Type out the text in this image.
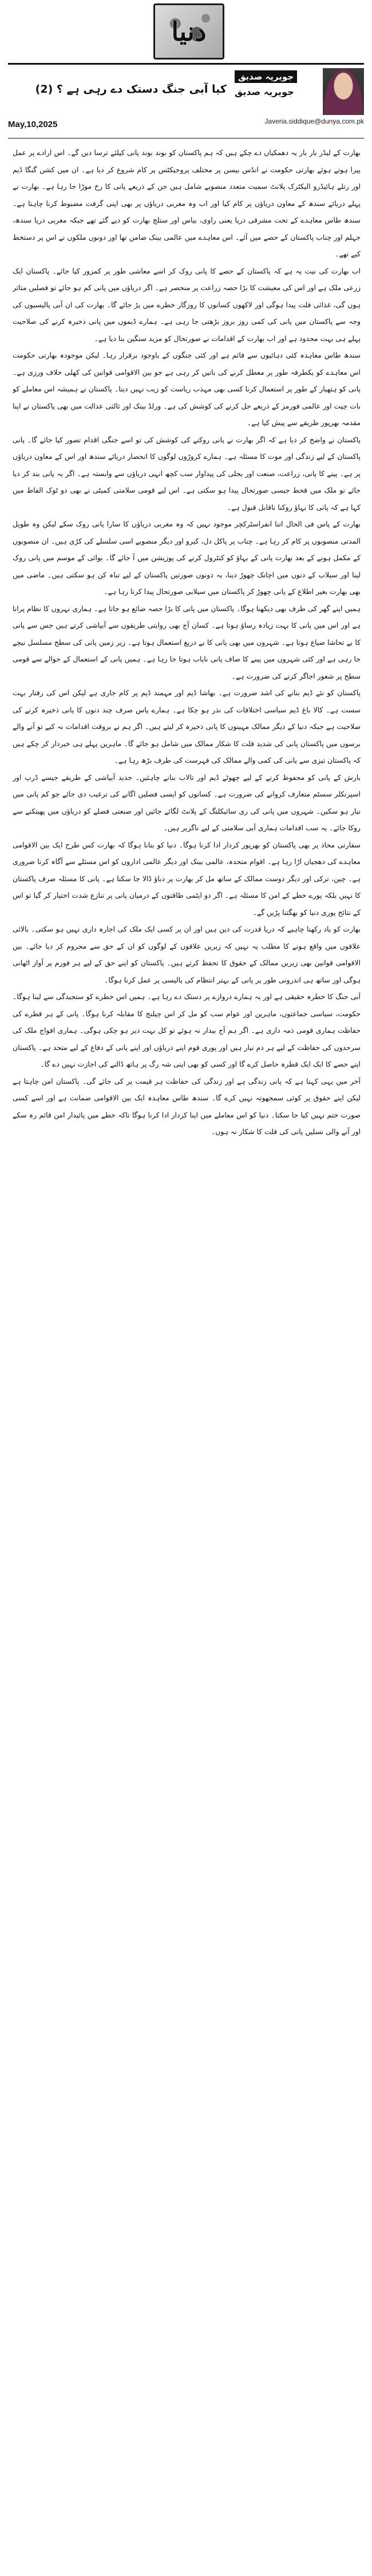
دنیا
جویریہ صدیق
جویریہ صدیق
Javeria.siddique@dunya.com.pk
کیا آبی جنگ دستک دے رہی ہے ؟ (2)
May,10,2025

بھارت کے لیڈر بار بار یہ دھمکیاں دے چکے ہیں کہ ہم پاکستان کو بوند بوند پانی کیلئے ترسا دیں گے۔ اس ارادے پر عمل پیرا ہوتے ہوئے بھارتی حکومت نے انڈس بیسن پر مختلف پروجیکٹس پر کام شروع کر دیا ہے۔ ان میں کشن گنگا ڈیم اور رتلے ہائیڈرو الیکٹرک پلانٹ سمیت متعدد منصوبے شامل ہیں جن کے ذریعے پانی کا رخ موڑا جا رہا ہے۔ بھارت نے پہلے دریائے سندھ کے معاون دریاؤں پر کام کیا اور اب وہ مغربی دریاؤں پر بھی اپنی گرفت مضبوط کرنا چاہتا ہے۔ سندھ طاس معاہدے کے تحت مشرقی دریا یعنی راوی، بیاس اور ستلج بھارت کو دیے گئے تھے جبکہ مغربی دریا سندھ، جہلم اور چناب پاکستان کے حصے میں آئے۔ اس معاہدے میں عالمی بینک ضامن تھا اور دونوں ملکوں نے اس پر دستخط کیے تھے۔

اب بھارت کی نیت یہ ہے کہ پاکستان کے حصے کا پانی روک کر اسے معاشی طور پر کمزور کیا جائے۔ پاکستان ایک زرعی ملک ہے اور اس کی معیشت کا بڑا حصہ زراعت پر منحصر ہے۔ اگر دریاؤں میں پانی کم ہو جائے تو فصلیں متاثر ہوں گی، غذائی قلت پیدا ہوگی اور لاکھوں کسانوں کا روزگار خطرے میں پڑ جائے گا۔ بھارت کی ان آبی پالیسیوں کی وجہ سے پاکستان میں پانی کی کمی روز بروز بڑھتی جا رہی ہے۔ ہمارے ڈیموں میں پانی ذخیرہ کرنے کی صلاحیت پہلے ہی بہت محدود ہے اور اب بھارت کے اقدامات نے صورتحال کو مزید سنگین بنا دیا ہے۔

سندھ طاس معاہدہ کئی دہائیوں سے قائم ہے اور کئی جنگوں کے باوجود برقرار رہا۔ لیکن موجودہ بھارتی حکومت اس معاہدے کو یکطرفہ طور پر معطل کرنے کی باتیں کر رہی ہے جو بین الاقوامی قوانین کی کھلی خلاف ورزی ہے۔ پانی کو ہتھیار کے طور پر استعمال کرنا کسی بھی مہذب ریاست کو زیب نہیں دیتا۔ پاکستان نے ہمیشہ اس معاملے کو بات چیت اور عالمی فورمز کے ذریعے حل کرنے کی کوشش کی ہے۔ ورلڈ بینک اور ثالثی عدالت میں بھی پاکستان نے اپنا مقدمہ بھرپور طریقے سے پیش کیا ہے۔

پاکستان نے واضح کر دیا ہے کہ اگر بھارت نے پانی روکنے کی کوشش کی تو اسے جنگی اقدام تصور کیا جائے گا۔ پانی پاکستان کے لیے زندگی اور موت کا مسئلہ ہے۔ ہمارے کروڑوں لوگوں کا انحصار دریائے سندھ اور اس کے معاون دریاؤں پر ہے۔ پینے کا پانی، زراعت، صنعت اور بجلی کی پیداوار سب کچھ انہی دریاؤں سے وابستہ ہے۔ اگر یہ پانی بند کر دیا جائے تو ملک میں قحط جیسی صورتحال پیدا ہو سکتی ہے۔ اس لیے قومی سلامتی کمیٹی نے بھی دو ٹوک الفاظ میں کہا ہے کہ پانی کا بہاؤ روکنا ناقابل قبول ہے۔

بھارت کے پاس فی الحال اتنا انفراسٹرکچر موجود نہیں کہ وہ مغربی دریاؤں کا سارا پانی روک سکے لیکن وہ طویل المدتی منصوبوں پر کام کر رہا ہے۔ چناب پر پاکل دل، کیرو اور دیگر منصوبے اسی سلسلے کی کڑی ہیں۔ ان منصوبوں کے مکمل ہونے کے بعد بھارت پانی کے بہاؤ کو کنٹرول کرنے کی پوزیشن میں آ جائے گا۔ بوائی کے موسم میں پانی روک لینا اور سیلاب کے دنوں میں اچانک چھوڑ دینا، یہ دونوں صورتیں پاکستان کے لیے تباہ کن ہو سکتی ہیں۔ ماضی میں بھی بھارت بغیر اطلاع کے پانی چھوڑ کر پاکستان میں سیلابی صورتحال پیدا کرتا رہا ہے۔

ہمیں اپنے گھر کی طرف بھی دیکھنا ہوگا۔ پاکستان میں پانی کا بڑا حصہ ضائع ہو جاتا ہے۔ ہماری نہروں کا نظام پرانا ہے اور اس میں پانی کا بہت زیادہ رساؤ ہوتا ہے۔ کسان آج بھی روایتی طریقوں سے آبپاشی کرتے ہیں جس سے پانی کا بے تحاشا ضیاع ہوتا ہے۔ شہروں میں بھی پانی کا بے دریغ استعمال ہوتا ہے۔ زیر زمین پانی کی سطح مسلسل نیچے جا رہی ہے اور کئی شہروں میں پینے کا صاف پانی نایاب ہوتا جا رہا ہے۔ ہمیں پانی کے استعمال کے حوالے سے قومی سطح پر شعور اجاگر کرنے کی ضرورت ہے۔

پاکستان کو نئے ڈیم بنانے کی اشد ضرورت ہے۔ بھاشا ڈیم اور مہمند ڈیم پر کام جاری ہے لیکن اس کی رفتار بہت سست ہے۔ کالا باغ ڈیم سیاسی اختلافات کی نذر ہو چکا ہے۔ ہمارے پاس صرف چند دنوں کا پانی ذخیرہ کرنے کی صلاحیت ہے جبکہ دنیا کے دیگر ممالک مہینوں کا پانی ذخیرہ کر لیتے ہیں۔ اگر ہم نے بروقت اقدامات نہ کیے تو آنے والے برسوں میں پاکستان پانی کی شدید قلت کا شکار ممالک میں شامل ہو جائے گا۔ ماہرین پہلے ہی خبردار کر چکے ہیں کہ پاکستان تیزی سے پانی کی کمی والے ممالک کی فہرست کی طرف بڑھ رہا ہے۔

بارش کے پانی کو محفوظ کرنے کے لیے چھوٹے ڈیم اور تالاب بنانے چاہئیں۔ جدید آبپاشی کے طریقے جیسے ڈرپ اور اسپرنکلر سسٹم متعارف کروانے کی ضرورت ہے۔ کسانوں کو ایسی فصلیں اگانے کی ترغیب دی جائے جو کم پانی میں تیار ہو سکیں۔ شہروں میں پانی کی ری سائیکلنگ کے پلانٹ لگائے جائیں اور صنعتی فضلے کو دریاؤں میں پھینکنے سے روکا جائے۔ یہ سب اقدامات ہماری آبی سلامتی کے لیے ناگزیر ہیں۔

سفارتی محاذ پر بھی پاکستان کو بھرپور کردار ادا کرنا ہوگا۔ دنیا کو بتانا ہوگا کہ بھارت کس طرح ایک بین الاقوامی معاہدے کی دھجیاں اڑا رہا ہے۔ اقوام متحدہ، عالمی بینک اور دیگر عالمی اداروں کو اس مسئلے سے آگاہ کرنا ضروری ہے۔ چین، ترکی اور دیگر دوست ممالک کے ساتھ مل کر بھارت پر دباؤ ڈالا جا سکتا ہے۔ پانی کا مسئلہ صرف پاکستان کا نہیں بلکہ پورے خطے کے امن کا مسئلہ ہے۔ اگر دو ایٹمی طاقتوں کے درمیان پانی پر تنازع شدت اختیار کر گیا تو اس کے نتائج پوری دنیا کو بھگتنا پڑیں گے۔

بھارت کو یاد رکھنا چاہیے کہ دریا قدرت کی دین ہیں اور ان پر کسی ایک ملک کی اجارہ داری نہیں ہو سکتی۔ بالائی علاقوں میں واقع ہونے کا مطلب یہ نہیں کہ زیریں علاقوں کے لوگوں کو ان کے حق سے محروم کر دیا جائے۔ بین الاقوامی قوانین بھی زیریں ممالک کے حقوق کا تحفظ کرتے ہیں۔ پاکستان کو اپنے حق کے لیے ہر فورم پر آواز اٹھانی ہوگی اور ساتھ ہی اندرونی طور پر پانی کے بہتر انتظام کی پالیسی پر عمل کرنا ہوگا۔

آبی جنگ کا خطرہ حقیقی ہے اور یہ ہمارے دروازے پر دستک دے رہا ہے۔ ہمیں اس خطرے کو سنجیدگی سے لینا ہوگا۔ حکومت، سیاسی جماعتوں، ماہرین اور عوام سب کو مل کر اس چیلنج کا مقابلہ کرنا ہوگا۔ پانی کے ہر قطرے کی حفاظت ہماری قومی ذمہ داری ہے۔ اگر ہم آج بیدار نہ ہوئے تو کل بہت دیر ہو چکی ہوگی۔ ہماری افواج ملک کی سرحدوں کی حفاظت کے لیے ہر دم تیار ہیں اور پوری قوم اپنے دریاؤں اور اپنے پانی کے دفاع کے لیے متحد ہے۔ پاکستان اپنے حصے کا ایک ایک قطرہ حاصل کرے گا اور کسی کو بھی اپنی شہ رگ پر ہاتھ ڈالنے کی اجازت نہیں دے گا۔

آخر میں یہی کہنا ہے کہ پانی زندگی ہے اور زندگی کی حفاظت ہر قیمت پر کی جائے گی۔ پاکستان امن چاہتا ہے لیکن اپنے حقوق پر کوئی سمجھوتہ نہیں کرے گا۔ سندھ طاس معاہدہ ایک بین الاقوامی ضمانت ہے اور اسے کسی صورت ختم نہیں کیا جا سکتا۔ دنیا کو اس معاملے میں اپنا کردار ادا کرنا ہوگا تاکہ خطے میں پائیدار امن قائم رہ سکے اور آنے والی نسلیں پانی کی قلت کا شکار نہ ہوں۔
